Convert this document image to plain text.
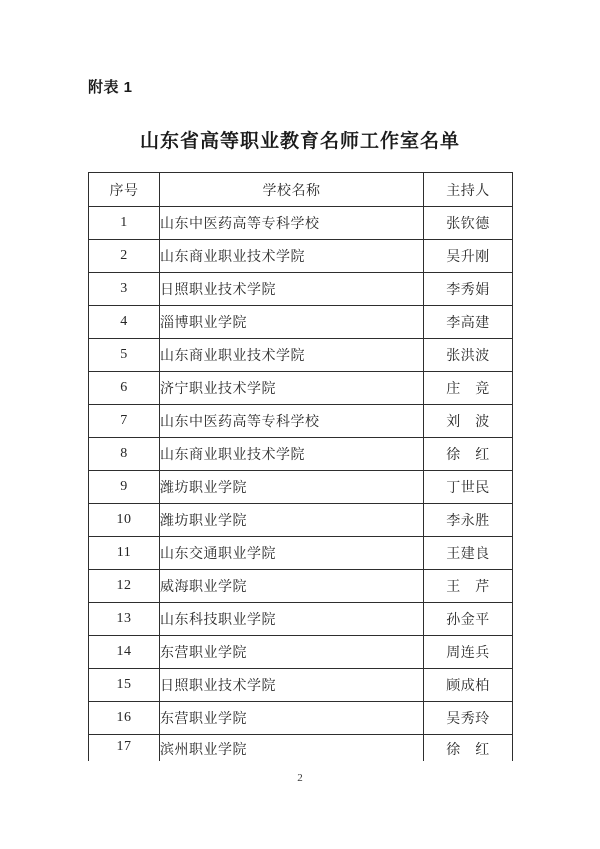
附表 1
山东省高等职业教育名师工作室名单
序号	学校名称	主持人
1	山东中医药高等专科学校	张钦德
2	山东商业职业技术学院	吴升刚
3	日照职业技术学院	李秀娟
4	淄博职业学院	李高建
5	山东商业职业技术学院	张洪波
6	济宁职业技术学院	庄　竞
7	山东中医药高等专科学校	刘　波
8	山东商业职业技术学院	徐　红
9	潍坊职业学院	丁世民
10	潍坊职业学院	李永胜
11	山东交通职业学院	王建良
12	威海职业学院	王　芹
13	山东科技职业学院	孙金平
14	东营职业学院	周连兵
15	日照职业技术学院	顾成柏
16	东营职业学院	吴秀玲
17	滨州职业学院	徐　红
2
